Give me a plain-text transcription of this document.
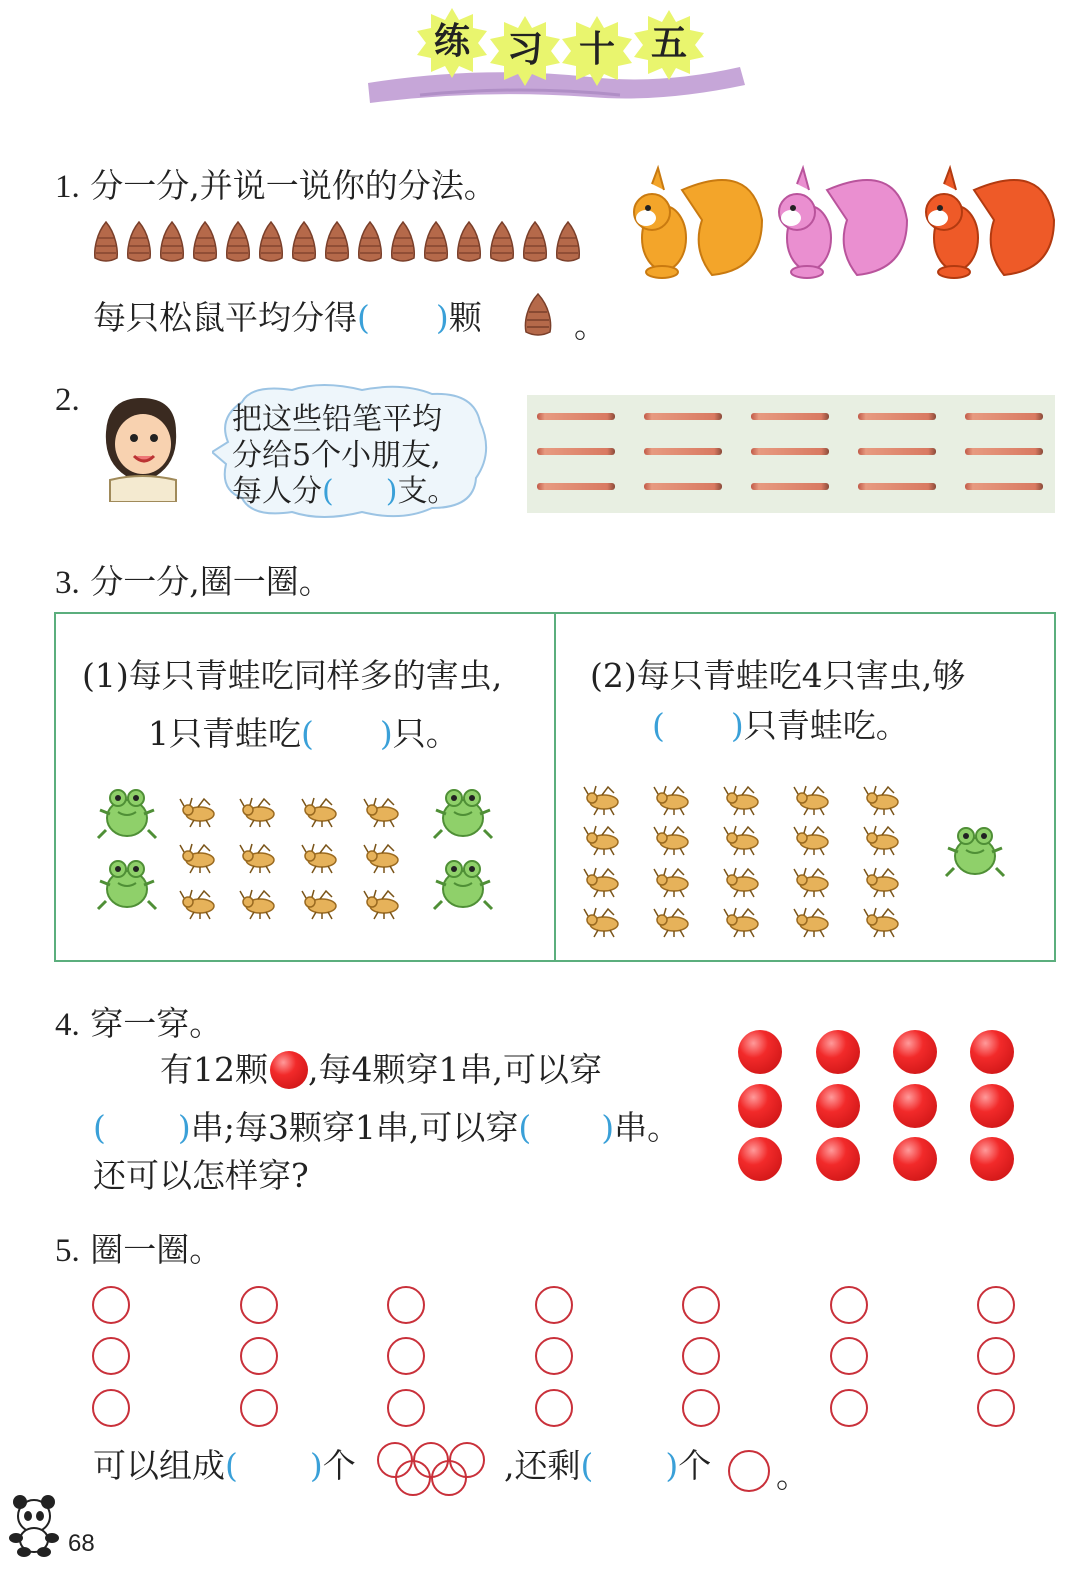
练	习 十 五
1. 分一分,并说一说你的分法。
每只松鼠平均分得( )颗	。
2.
把这些铅笔平均
分给5个小朋友,
每人分( )支。
3. 分一分,圈一圈。
(1)每只青蛙吃同样多的害虫,
1只青蛙吃( )只。
(2)每只青蛙吃4只害虫,够
( )只青蛙吃。
4. 穿一穿。
有12颗 ,每4颗穿1串,可以穿
( )串;每3颗穿1串,可以穿( )串。
还可以怎样穿?
5. 圈一圈。
可以组成( )个	,还剩( )个 。
68
